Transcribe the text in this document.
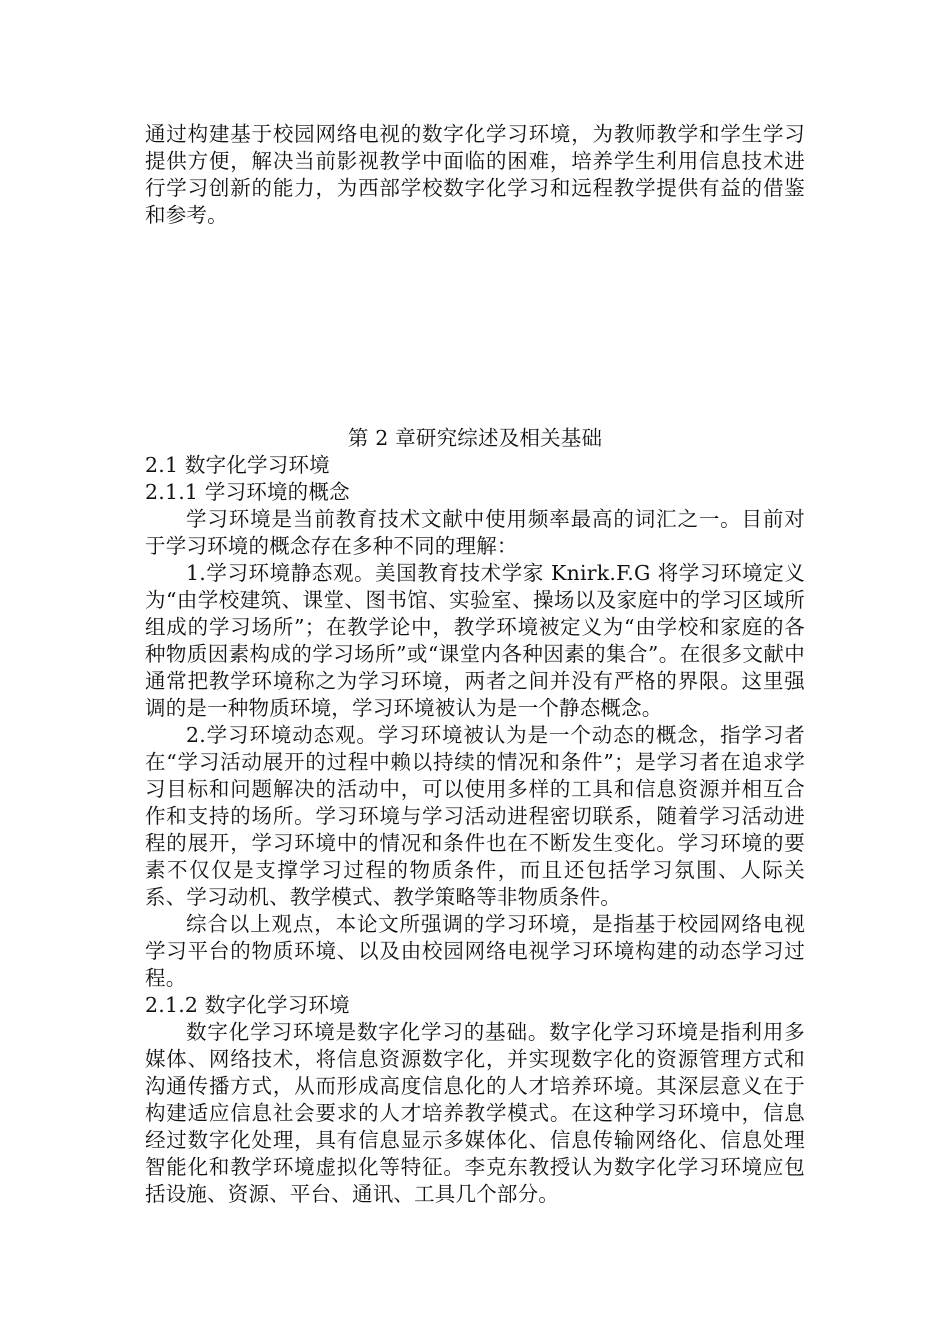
通过构建基于校园网络电视的数字化学习环境，为教师教学和学生学习提供方便，解决当前影视教学中面临的困难，培养学生利用信息技术进行学习创新的能力，为西部学校数字化学习和远程教学提供有益的借鉴和参考。

第 2 章研究综述及相关基础
2.1 数字化学习环境
2.1.1 学习环境的概念

学习环境是当前教育技术文献中使用频率最高的词汇之一。目前对于学习环境的概念存在多种不同的理解：

1.学习环境静态观。美国教育技术学家 Knirk.F.G 将学习环境定义为“由学校建筑、课堂、图书馆、实验室、操场以及家庭中的学习区域所组成的学习场所”；在教学论中，教学环境被定义为“由学校和家庭的各种物质因素构成的学习场所”或“课堂内各种因素的集合”。在很多文献中通常把教学环境称之为学习环境，两者之间并没有严格的界限。这里强调的是一种物质环境，学习环境被认为是一个静态概念。

2.学习环境动态观。学习环境被认为是一个动态的概念，指学习者在“学习活动展开的过程中赖以持续的情况和条件”；是学习者在追求学习目标和问题解决的活动中，可以使用多样的工具和信息资源并相互合作和支持的场所。学习环境与学习活动进程密切联系，随着学习活动进程的展开，学习环境中的情况和条件也在不断发生变化。学习环境的要素不仅仅是支撑学习过程的物质条件，而且还包括学习氛围、人际关系、学习动机、教学模式、教学策略等非物质条件。

综合以上观点，本论文所强调的学习环境，是指基于校园网络电视学习平台的物质环境、以及由校园网络电视学习环境构建的动态学习过程。

2.1.2 数字化学习环境

数字化学习环境是数字化学习的基础。数字化学习环境是指利用多媒体、网络技术，将信息资源数字化，并实现数字化的资源管理方式和沟通传播方式，从而形成高度信息化的人才培养环境。其深层意义在于构建适应信息社会要求的人才培养教学模式。在这种学习环境中，信息经过数字化处理，具有信息显示多媒体化、信息传输网络化、信息处理智能化和教学环境虚拟化等特征。李克东教授认为数字化学习环境应包括设施、资源、平台、通讯、工具几个部分。
